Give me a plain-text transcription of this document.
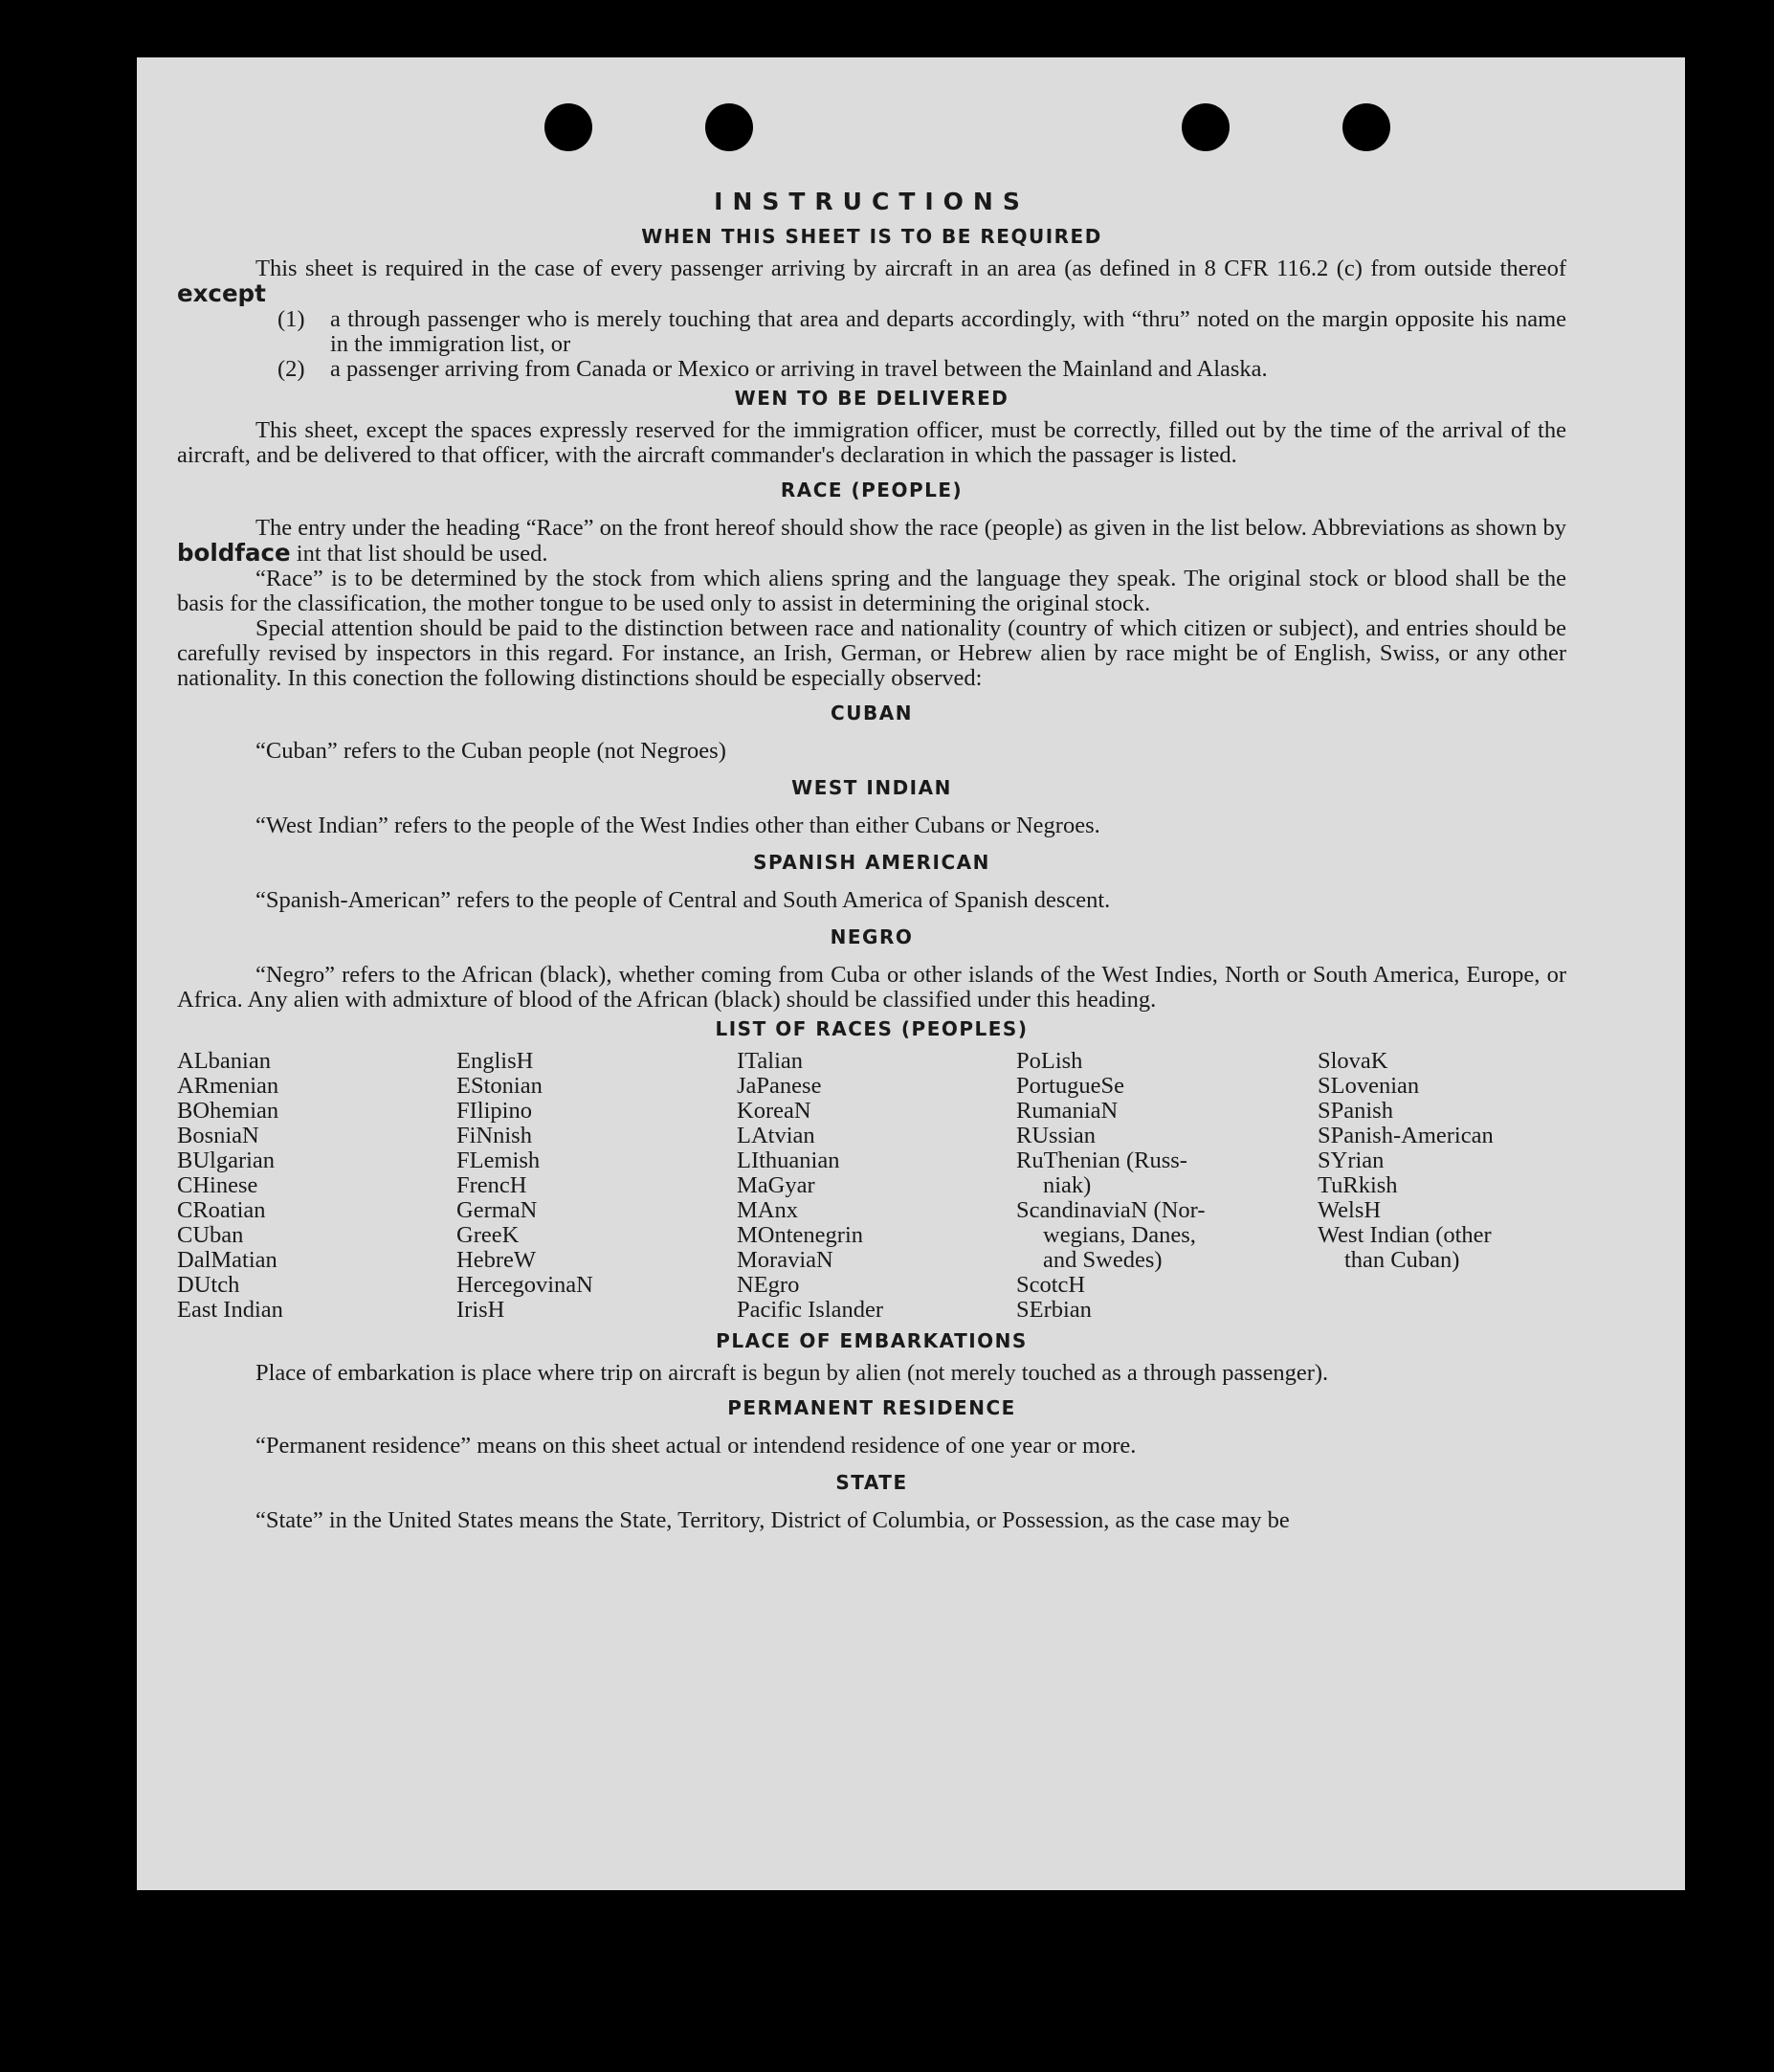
INSTRUCTIONS
WHEN THIS SHEET IS TO BE REQUIRED

This sheet is required in the case of every passenger arriving by aircraft in an area (as defined in 8 CFR 116.2 (c) from outside thereof except

(1)	a through passenger who is merely touching that area and departs accordingly, with “thru” noted on the margin opposite his name in the immigration list, or
(2)	a passenger arriving from Canada or Mexico or arriving in travel between the Mainland and Alaska.
WEN TO BE DELIVERED

This sheet, except the spaces expressly reserved for the immigration officer, must be correctly, filled out by the time of the arrival of the aircraft, and be delivered to that officer, with the aircraft commander's declaration in which the passager is listed.

RACE (PEOPLE)

The entry under the heading “Race” on the front hereof should show the race (people) as given in the list below. Abbreviations as shown by boldface int that list should be used.

“Race” is to be determined by the stock from which aliens spring and the language they speak. The original stock or blood shall be the basis for the classification, the mother tongue to be used only to assist in determining the original stock.

Special attention should be paid to the distinction between race and nationality (country of which citizen or subject), and entries should be carefully revised by inspectors in this regard. For instance, an Irish, German, or Hebrew alien by race might be of English, Swiss, or any other nationality. In this conection the following distinctions should be especially observed:

CUBAN

“Cuban” refers to the Cuban people (not Negroes)

WEST INDIAN

“West Indian” refers to the people of the West Indies other than either Cubans or Negroes.

SPANISH AMERICAN

“Spanish-American” refers to the people of Central and South America of Spanish descent.

NEGRO

“Negro” refers to the African (black), whether coming from Cuba or other islands of the West Indies, North or South America, Europe, or Africa. Any alien with admixture of blood of the African (black) should be classified under this heading.

LIST OF RACES (PEOPLES)
ALbanian
ARmenian
BOhemian
BosniaN
BUlgarian
CHinese
CRoatian
CUban
DalMatian
DUtch
East Indian
EnglisH
EStonian
FIlipino
FiNnish
FLemish
FrencH
GermaN
GreeK
HebreW
HercegovinaN
IrisH
ITalian
JaPanese
KoreaN
LAtvian
LIthuanian
MaGyar
MAnx
MOntenegrin
MoraviaN
NEgro
Pacific Islander
PoLish
PortugueSe
RumaniaN
RUssian
RuThenian (Russ-
niak)
ScandinaviaN (Nor-
wegians, Danes,
and Swedes)
ScotcH
SErbian
SlovaK
SLovenian
SPanish
SPanish-American
SYrian
TuRkish
WelsH
West Indian (other
than Cuban)
PLACE OF EMBARKATIONS

Place of embarkation is place where trip on aircraft is begun by alien (not merely touched as a through passenger).

PERMANENT RESIDENCE

“Permanent residence” means on this sheet actual or intendend residence of one year or more.

STATE

“State” in the United States means the State, Territory, District of Columbia, or Possession, as the case may be
